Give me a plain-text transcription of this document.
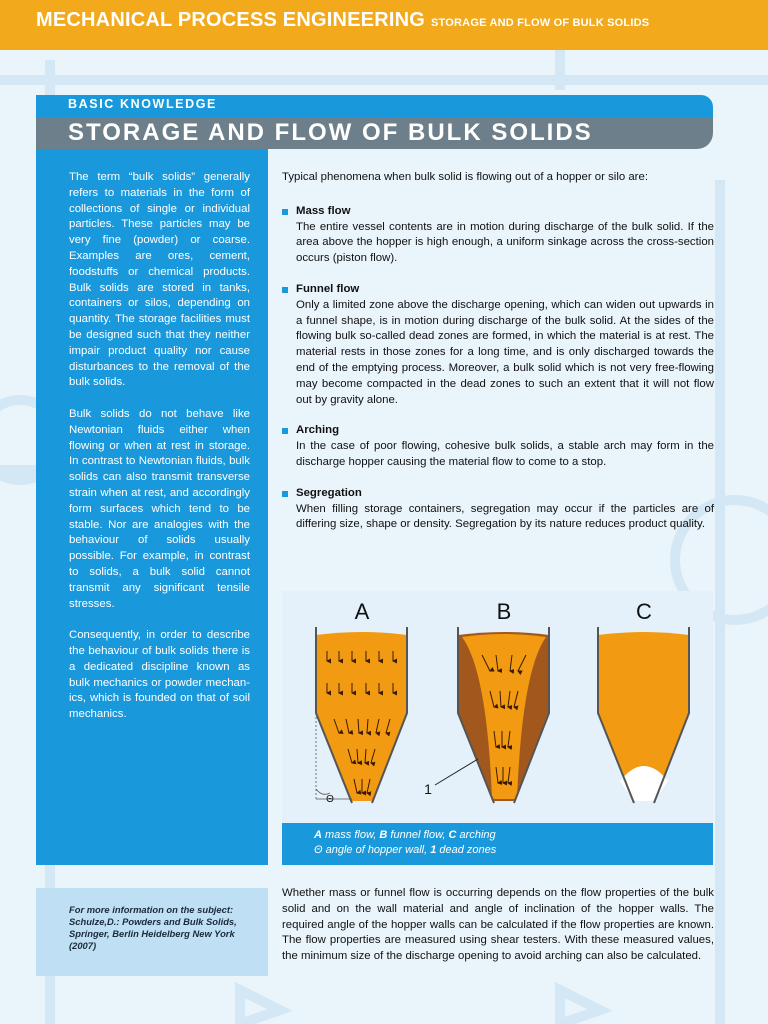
MECHANICAL PROCESS ENGINEERING STORAGE AND FLOW OF BULK SOLIDS
BASIC KNOWLEDGE
STORAGE AND FLOW OF BULK SOLIDS

The term “bulk solids” generally refers to materials in the form of collections of single or individual particles. These particles may be very fine (powder) or coarse. Examples are ores, cement, foodstuffs or chemical products. Bulk solids are stored in tanks, containers or silos, depending on quantity. The storage facilities must be designed such that they neither impair product quality nor cause disturbances to the removal of the bulk solids.

Bulk solids do not behave like Newtonian fluids either when flowing or when at rest in storage. In contrast to Newtonian fluids, bulk solids can also transmit transverse strain when at rest, and accordingly form surfaces which tend to be stable. Nor are analogies with the behaviour of solids usually possible. For example, in contrast to solids, a bulk solid cannot transmit any significant tensile stresses.

Consequently, in order to describe the behaviour of bulk solids there is a dedicated discipline known as bulk mechanics or powder mechanics, which is founded on that of soil mechanics.

For more information on the subject: Schulze,D.: Powders and Bulk Solids, Springer, Berlin Heidelberg New York (2007)

Typical phenomena when bulk solid is flowing out of a hopper or silo are:

Mass flow
The entire vessel contents are in motion during discharge of the bulk solid. If the area above the hopper is high enough, a uniform sinkage across the cross-section occurs (piston flow).
Funnel flow
Only a limited zone above the discharge opening, which can widen out upwards in a funnel shape, is in motion during discharge of the bulk solid. At the sides of the flowing bulk so-called dead zones are formed, in which the material is at rest. The material rests in those zones for a long time, and is only discharged towards the end of the emptying process. Moreover, a bulk solid which is not very free-flowing may become compacted in the dead zones to such an extent that it will not flow out by gravity alone.
Arching
In the case of poor flowing, cohesive bulk solids, a stable arch may form in the discharge hopper causing the material flow to come to a stop.
Segregation
When filling storage containers, segregation may occur if the particles are of differing size, shape or density. Segregation by its nature reduces product quality.
A	B	C
1
Θ
A mass flow, B funnel flow, C arching
Θ angle of hopper wall, 1 dead zones
Whether mass or funnel flow is occurring depends on the flow properties of the bulk solid and on the wall material and angle of inclination of the hopper walls. The required angle of the hopper walls can be calculated if the flow properties are known. The flow properties are measured using shear testers. With these measured values, the minimum size of the discharge opening to avoid arching can also be calculated.
